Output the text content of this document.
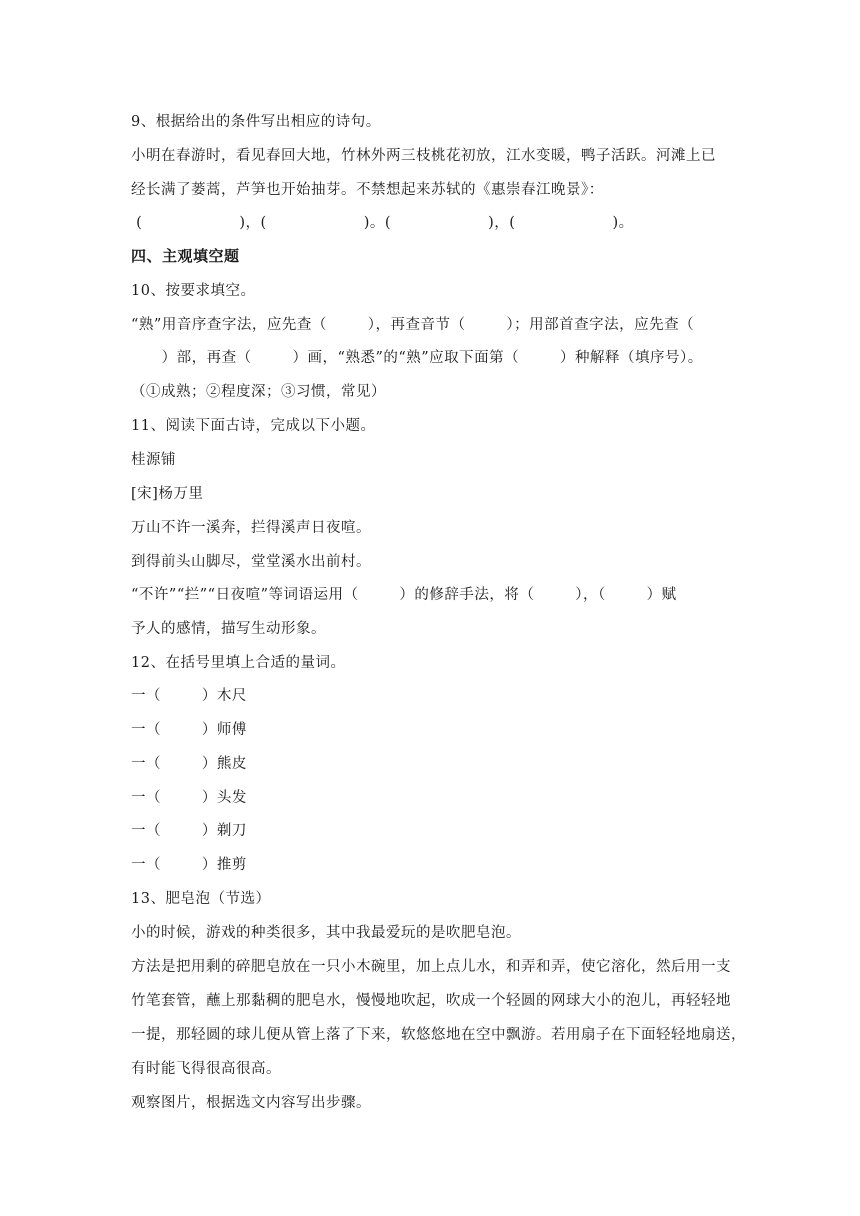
9、根据给出的条件写出相应的诗句。
小明在春游时，看见春回大地，竹林外两三枝桃花初放，江水变暖，鸭子活跃。河滩上已
经长满了蒌蒿，芦笋也开始抽芽。不禁想起来苏轼的《惠崇春江晚景》：
(                   )，(                   )。(                   )，(                   )。
四、主观填空题
10、按要求填空。
“熟”用音序查字法，应先查（        ），再查音节（        ）；用部首查字法，应先查（
）部，再查（        ）画，“熟悉”的“熟”应取下面第（        ）种解释（填序号）。
（①成熟；②程度深；③习惯，常见）
11、阅读下面古诗，完成以下小题。
桂源铺
[宋]杨万里
万山不许一溪奔，拦得溪声日夜喧。
到得前头山脚尽，堂堂溪水出前村。
“不许”“拦”“日夜喧”等词语运用（        ）的修辞手法，将（        ），（        ）赋
予人的感情，描写生动形象。
12、在括号里填上合适的量词。
一（        ）木尺
一（        ）师傅
一（        ）熊皮
一（        ）头发
一（        ）剃刀
一（        ）推剪
13、肥皂泡（节选）
小的时候，游戏的种类很多，其中我最爱玩的是吹肥皂泡。
方法是把用剩的碎肥皂放在一只小木碗里，加上点儿水，和弄和弄，使它溶化，然后用一支
竹笔套管，蘸上那黏稠的肥皂水，慢慢地吹起，吹成一个轻圆的网球大小的泡儿，再轻轻地
一提，那轻圆的球儿便从管上落了下来，软悠悠地在空中飘游。若用扇子在下面轻轻地扇送，
有时能飞得很高很高。
观察图片，根据选文内容写出步骤。
